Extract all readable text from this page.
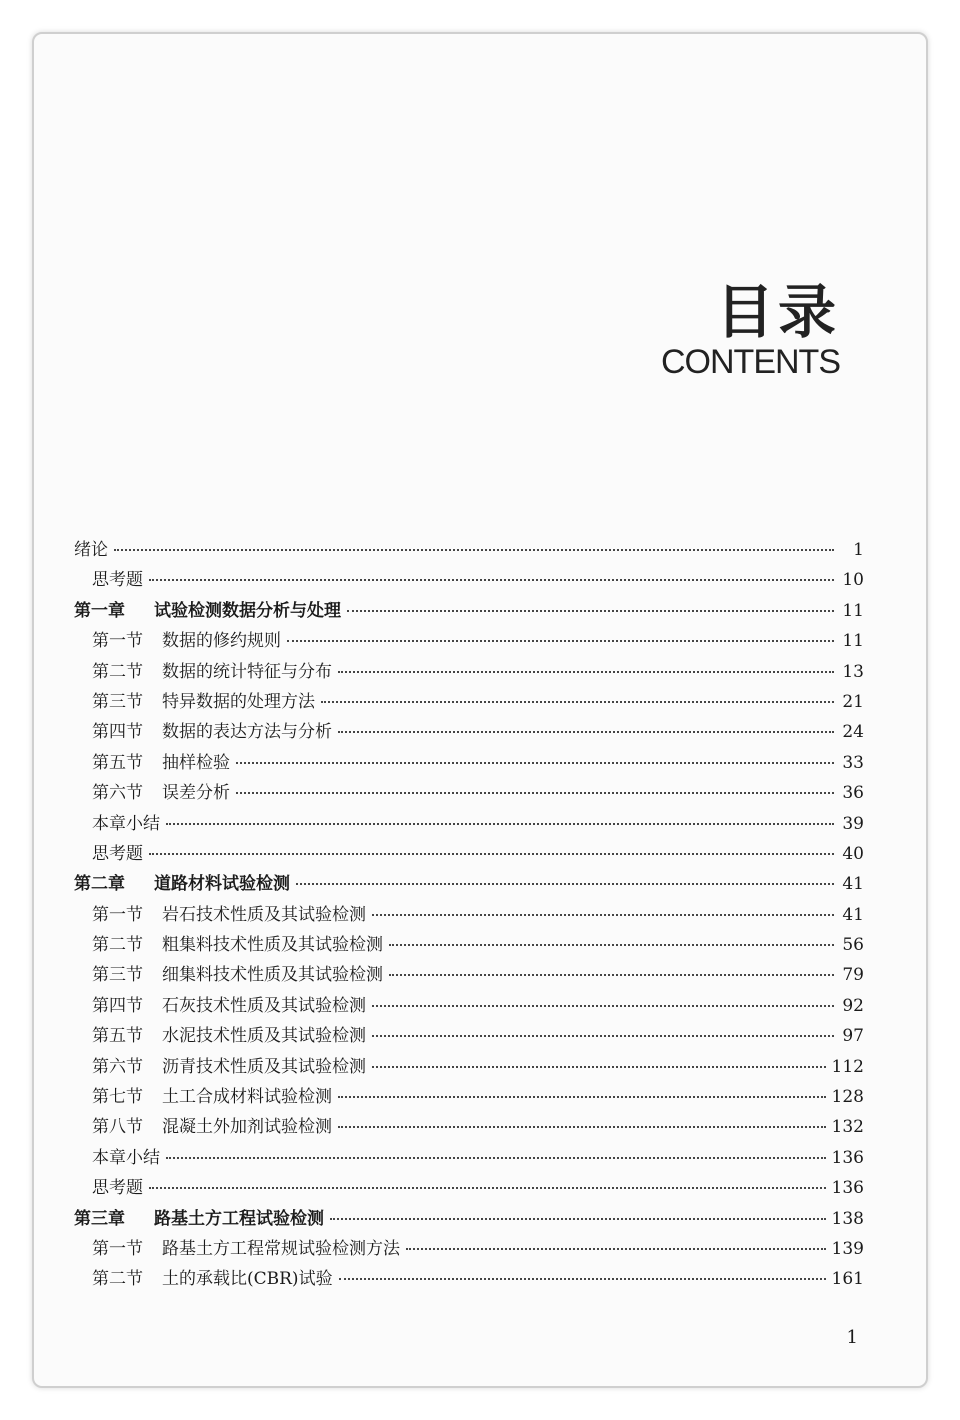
目录
CONTENTS
绪论	1
思考题	10
第一章	试验检测数据分析与处理	11
第一节	数据的修约规则	11
第二节	数据的统计特征与分布	13
第三节	特异数据的处理方法	21
第四节	数据的表达方法与分析	24
第五节	抽样检验	33
第六节	误差分析	36
本章小结	39
思考题	40
第二章	道路材料试验检测	41
第一节	岩石技术性质及其试验检测	41
第二节	粗集料技术性质及其试验检测	56
第三节	细集料技术性质及其试验检测	79
第四节	石灰技术性质及其试验检测	92
第五节	水泥技术性质及其试验检测	97
第六节	沥青技术性质及其试验检测	112
第七节	土工合成材料试验检测	128
第八节	混凝土外加剂试验检测	132
本章小结	136
思考题	136
第三章	路基土方工程试验检测	138
第一节	路基土方工程常规试验检测方法	139
第二节	土的承载比(CBR)试验	161
1
